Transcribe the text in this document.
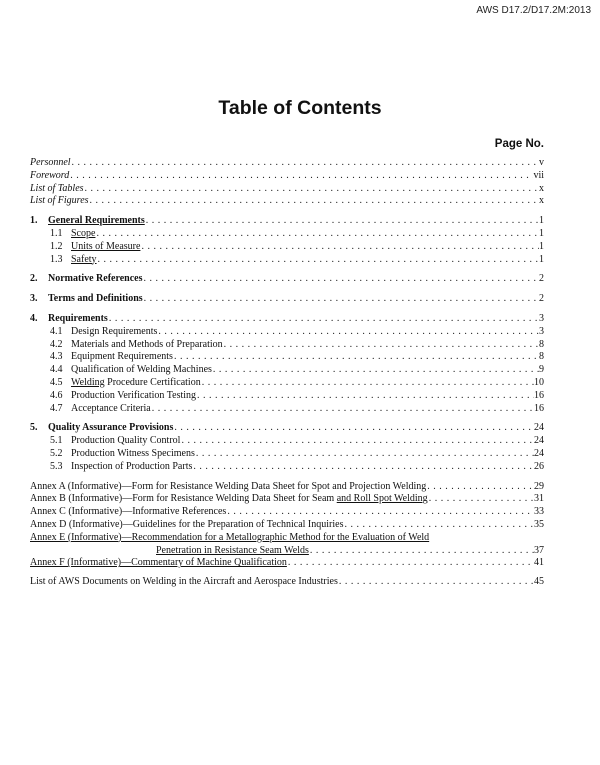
AWS D17.2/D17.2M:2013
Table of Contents
Page No.
Personnel . . .	v
Foreword . . .	vii
List of Tables . . .	x
List of Figures . . .	x
1. General Requirements . . .	1
1.1 Scope . . .	1
1.2 Units of Measure . . .	1
1.3 Safety . . .	1
2. Normative References . . .	2
3. Terms and Definitions . . .	2
4. Requirements . . .	3
4.1 Design Requirements . . .	3
4.2 Materials and Methods of Preparation . . .	8
4.3 Equipment Requirements . . .	8
4.4 Qualification of Welding Machines . . .	9
4.5 Welding Procedure Certification . . .	10
4.6 Production Verification Testing . . .	16
4.7 Acceptance Criteria . . .	16
5. Quality Assurance Provisions . . .	24
5.1 Production Quality Control . . .	24
5.2 Production Witness Specimens . . .	24
5.3 Inspection of Production Parts . . .	26
Annex A (Informative)—Form for Resistance Welding Data Sheet for Spot and Projection Welding . . .	29
Annex B (Informative)—Form for Resistance Welding Data Sheet for Seam and Roll Spot Welding . . .	31
Annex C (Informative)—Informative References . . .	33
Annex D (Informative)—Guidelines for the Preparation of Technical Inquiries . . .	35
Annex E (Informative)—Recommendation for a Metallographic Method for the Evaluation of Weld
Penetration in Resistance Seam Welds . . .	37
Annex F (Informative)—Commentary of Machine Qualification . . .	41
List of AWS Documents on Welding in the Aircraft and Aerospace Industries . . .	45
